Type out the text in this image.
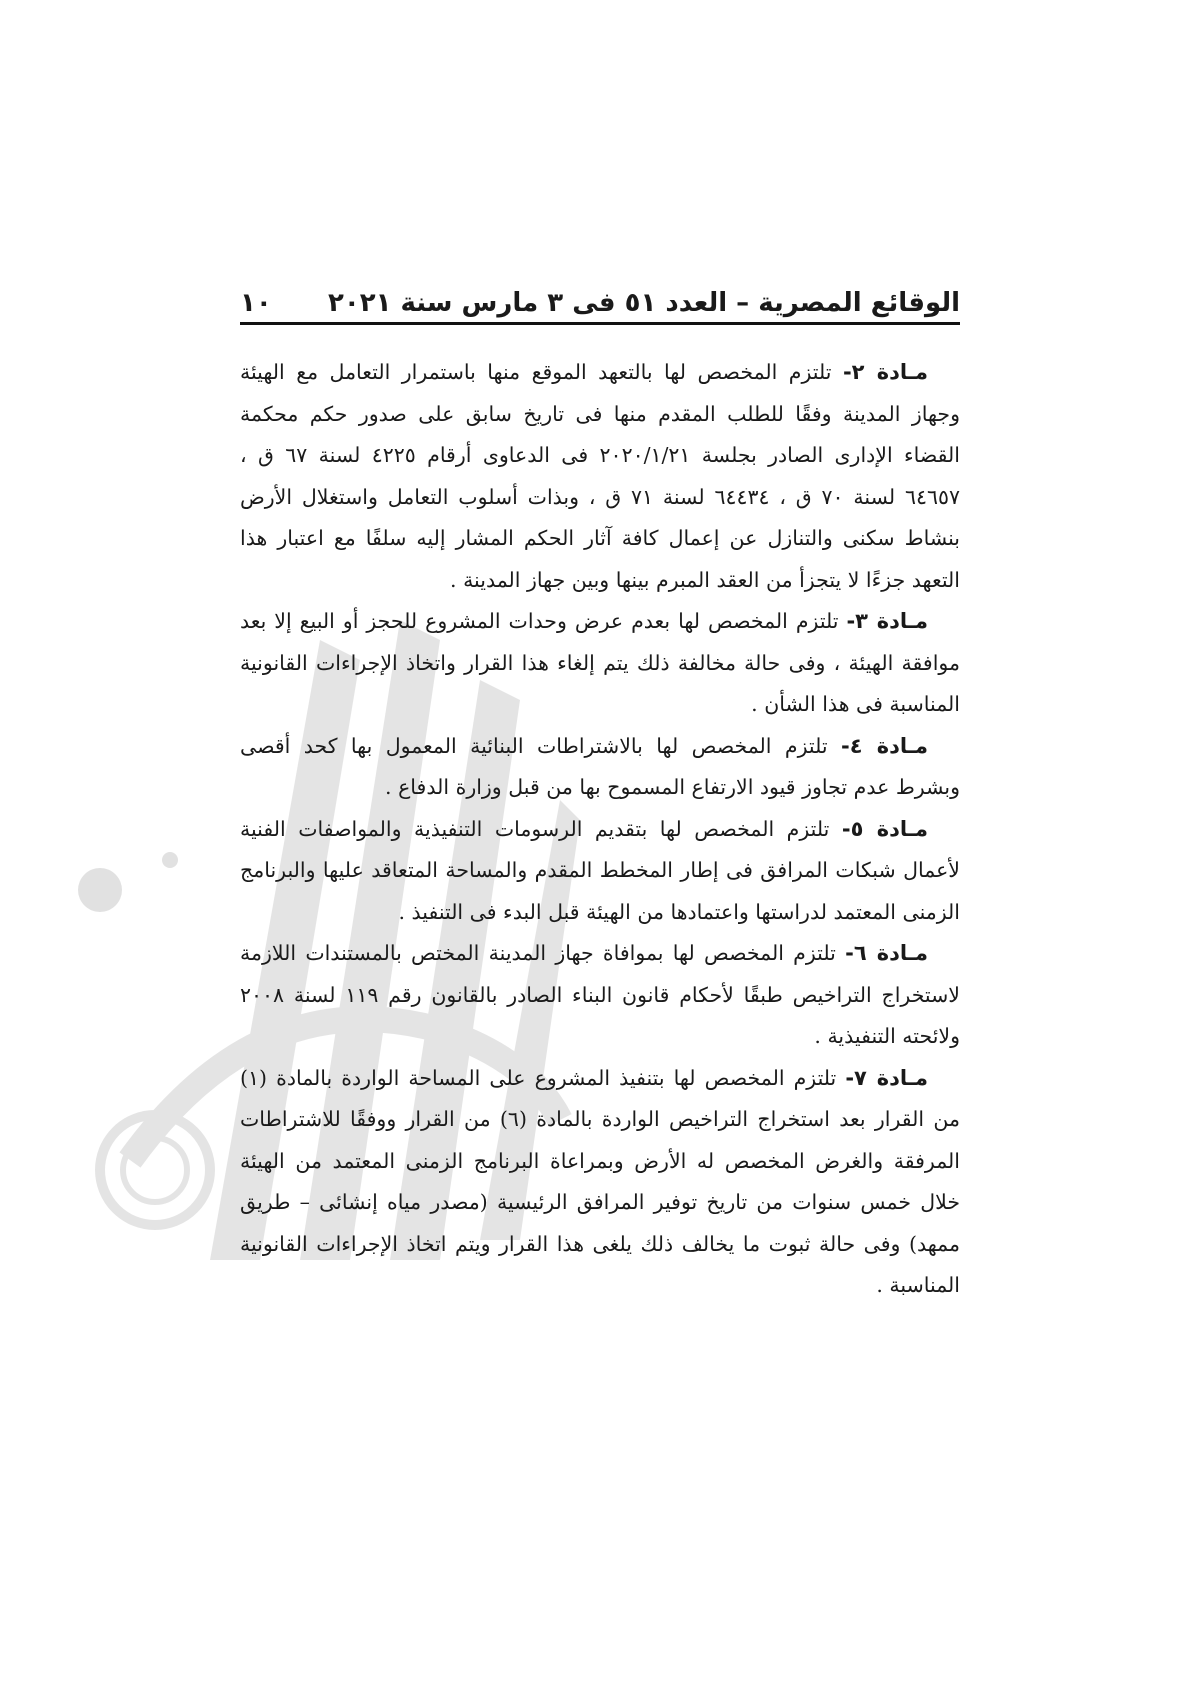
الوقائع المصرية – العدد ٥١ فى ٣ مارس سنة ٢٠٢١
١٠

مـادة ٢- تلتزم المخصص لها بالتعهد الموقع منها باستمرار التعامل مع الهيئة وجهاز المدينة وفقًا للطلب المقدم منها فى تاريخ سابق على صدور حكم محكمة القضاء الإدارى الصادر بجلسة ٢٠٢٠/١/٢١ فى الدعاوى أرقام ٤٢٢٥ لسنة ٦٧ ق ، ٦٤٦٥٧ لسنة ٧٠ ق ، ٦٤٤٣٤ لسنة ٧١ ق ، وبذات أسلوب التعامل واستغلال الأرض بنشاط سكنى والتنازل عن إعمال كافة آثار الحكم المشار إليه سلفًا مع اعتبار هذا التعهد جزءًا لا يتجزأ من العقد المبرم بينها وبين جهاز المدينة .

مـادة ٣- تلتزم المخصص لها بعدم عرض وحدات المشروع للحجز أو البيع إلا بعد موافقة الهيئة ، وفى حالة مخالفة ذلك يتم إلغاء هذا القرار واتخاذ الإجراءات القانونية المناسبة فى هذا الشأن .

مـادة ٤- تلتزم المخصص لها بالاشتراطات البنائية المعمول بها كحد أقصى وبشرط عدم تجاوز قيود الارتفاع المسموح بها من قبل وزارة الدفاع .

مـادة ٥- تلتزم المخصص لها بتقديم الرسومات التنفيذية والمواصفات الفنية لأعمال شبكات المرافق فى إطار المخطط المقدم والمساحة المتعاقد عليها والبرنامج الزمنى المعتمد لدراستها واعتمادها من الهيئة قبل البدء فى التنفيذ .

مـادة ٦- تلتزم المخصص لها بموافاة جهاز المدينة المختص بالمستندات اللازمة لاستخراج التراخيص طبقًا لأحكام قانون البناء الصادر بالقانون رقم ١١٩ لسنة ٢٠٠٨ ولائحته التنفيذية .

مـادة ٧- تلتزم المخصص لها بتنفيذ المشروع على المساحة الواردة بالمادة (١) من القرار بعد استخراج التراخيص الواردة بالمادة (٦) من القرار ووفقًا للاشتراطات المرفقة والغرض المخصص له الأرض وبمراعاة البرنامج الزمنى المعتمد من الهيئة خلال خمس سنوات من تاريخ توفير المرافق الرئيسية (مصدر مياه إنشائى – طريق ممهد) وفى حالة ثبوت ما يخالف ذلك يلغى هذا القرار ويتم اتخاذ الإجراءات القانونية المناسبة .
